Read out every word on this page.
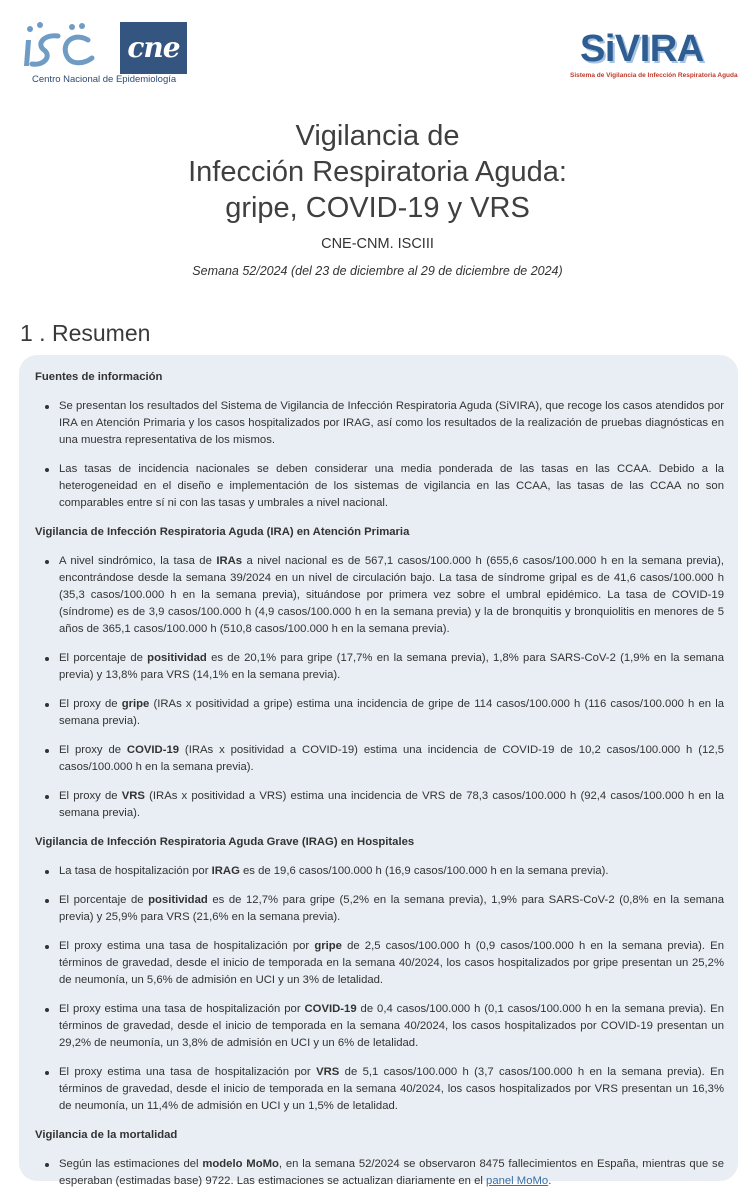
cne
Centro Nacional de Epidemiología
SiVIRA
Sistema de Vigilancia de Infección Respiratoria Aguda
Vigilancia de
Infección Respiratoria Aguda:
gripe, COVID-19 y VRS
CNE-CNM. ISCIII
Semana 52/2024 (del 23 de diciembre al 29 de diciembre de 2024)
1 . Resumen
Fuentes de información
Se presentan los resultados del Sistema de Vigilancia de Infección Respiratoria Aguda (SiVIRA), que recoge los casos atendidos por IRA en Atención Primaria y los casos hospitalizados por IRAG, así como los resultados de la realización de pruebas diagnósticas en una muestra representativa de los mismos.
Las tasas de incidencia nacionales se deben considerar una media ponderada de las tasas en las CCAA. Debido a la heterogeneidad en el diseño e implementación de los sistemas de vigilancia en las CCAA, las tasas de las CCAA no son comparables entre sí ni con las tasas y umbrales a nivel nacional.
Vigilancia de Infección Respiratoria Aguda (IRA) en Atención Primaria
A nivel sindrómico, la tasa de IRAs a nivel nacional es de 567,1 casos/100.000 h (655,6 casos/100.000 h en la semana previa), encontrándose desde la semana 39/2024 en un nivel de circulación bajo. La tasa de síndrome gripal es de 41,6 casos/100.000 h (35,3 casos/100.000 h en la semana previa), situándose por primera vez sobre el umbral epidémico. La tasa de COVID-19 (síndrome) es de 3,9 casos/100.000 h (4,9 casos/100.000 h en la semana previa) y la de bronquitis y bronquiolitis en menores de 5 años de 365,1 casos/100.000 h (510,8 casos/100.000 h en la semana previa).
El porcentaje de positividad es de 20,1% para gripe (17,7% en la semana previa), 1,8% para SARS-CoV-2 (1,9% en la semana previa) y 13,8% para VRS (14,1% en la semana previa).
El proxy de gripe (IRAs x positividad a gripe) estima una incidencia de gripe de 114 casos/100.000 h (116 casos/100.000 h en la semana previa).
El proxy de COVID-19 (IRAs x positividad a COVID-19) estima una incidencia de COVID-19 de 10,2 casos/100.000 h (12,5 casos/100.000 h en la semana previa).
El proxy de VRS (IRAs x positividad a VRS) estima una incidencia de VRS de 78,3 casos/100.000 h (92,4 casos/100.000 h en la semana previa).
Vigilancia de Infección Respiratoria Aguda Grave (IRAG) en Hospitales
La tasa de hospitalización por IRAG es de 19,6 casos/100.000 h (16,9 casos/100.000 h en la semana previa).
El porcentaje de positividad es de 12,7% para gripe (5,2% en la semana previa), 1,9% para SARS-CoV-2 (0,8% en la semana previa) y 25,9% para VRS (21,6% en la semana previa).
El proxy estima una tasa de hospitalización por gripe de 2,5 casos/100.000 h (0,9 casos/100.000 h en la semana previa). En términos de gravedad, desde el inicio de temporada en la semana 40/2024, los casos hospitalizados por gripe presentan un 25,2% de neumonía, un 5,6% de admisión en UCI y un 3% de letalidad.
El proxy estima una tasa de hospitalización por COVID-19 de 0,4 casos/100.000 h (0,1 casos/100.000 h en la semana previa). En términos de gravedad, desde el inicio de temporada en la semana 40/2024, los casos hospitalizados por COVID-19 presentan un 29,2% de neumonía, un 3,8% de admisión en UCI y un 6% de letalidad.
El proxy estima una tasa de hospitalización por VRS de 5,1 casos/100.000 h (3,7 casos/100.000 h en la semana previa). En términos de gravedad, desde el inicio de temporada en la semana 40/2024, los casos hospitalizados por VRS presentan un 16,3% de neumonía, un 11,4% de admisión en UCI y un 1,5% de letalidad.
Vigilancia de la mortalidad
Según las estimaciones del modelo MoMo, en la semana 52/2024 se observaron 8475 fallecimientos en España, mientras que se esperaban (estimadas base) 9722. Las estimaciones se actualizan diariamente en el panel MoMo.
